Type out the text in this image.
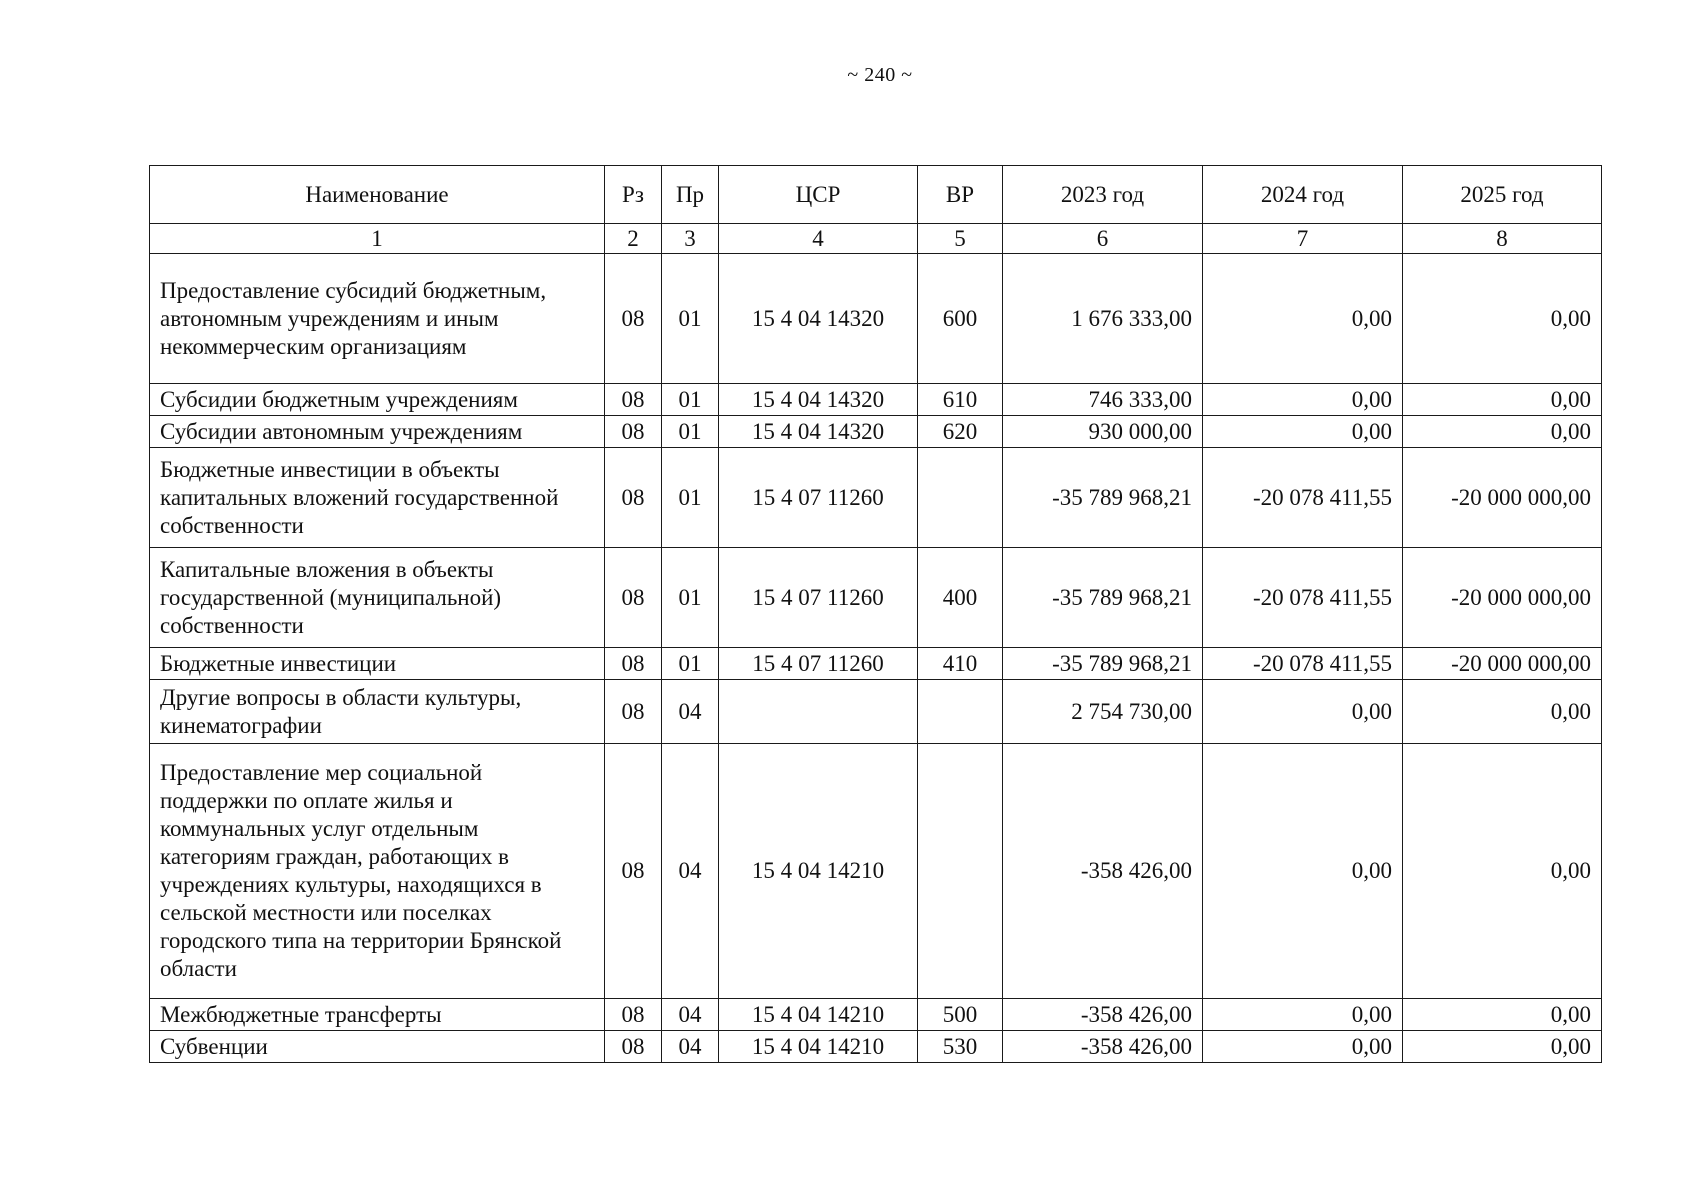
~ 240 ~
Наименование	Рз	Пр	ЦСР	ВР	2023 год	2024 год	2025 год
1	2	3	4	5	6	7	8
Предоставление субсидий бюджетным, автономным учреждениям и иным некоммерческим организациям	08	01	15 4 04 14320	600	1 676 333,00	0,00	0,00
Субсидии бюджетным учреждениям	08	01	15 4 04 14320	610	746 333,00	0,00	0,00
Субсидии автономным учреждениям	08	01	15 4 04 14320	620	930 000,00	0,00	0,00
Бюджетные инвестиции в объекты капитальных вложений государственной собственности	08	01	15 4 07 11260		-35 789 968,21	-20 078 411,55	-20 000 000,00
Капитальные вложения в объекты государственной (муниципальной) собственности	08	01	15 4 07 11260	400	-35 789 968,21	-20 078 411,55	-20 000 000,00
Бюджетные инвестиции	08	01	15 4 07 11260	410	-35 789 968,21	-20 078 411,55	-20 000 000,00
Другие вопросы в области культуры, кинематографии	08	04			2 754 730,00	0,00	0,00
Предоставление мер социальной поддержки по оплате жилья и коммунальных услуг отдельным категориям граждан, работающих в учреждениях культуры, находящихся в сельской местности или поселках городского типа на территории Брянской области	08	04	15 4 04 14210		-358 426,00	0,00	0,00
Межбюджетные трансферты	08	04	15 4 04 14210	500	-358 426,00	0,00	0,00
Субвенции	08	04	15 4 04 14210	530	-358 426,00	0,00	0,00
